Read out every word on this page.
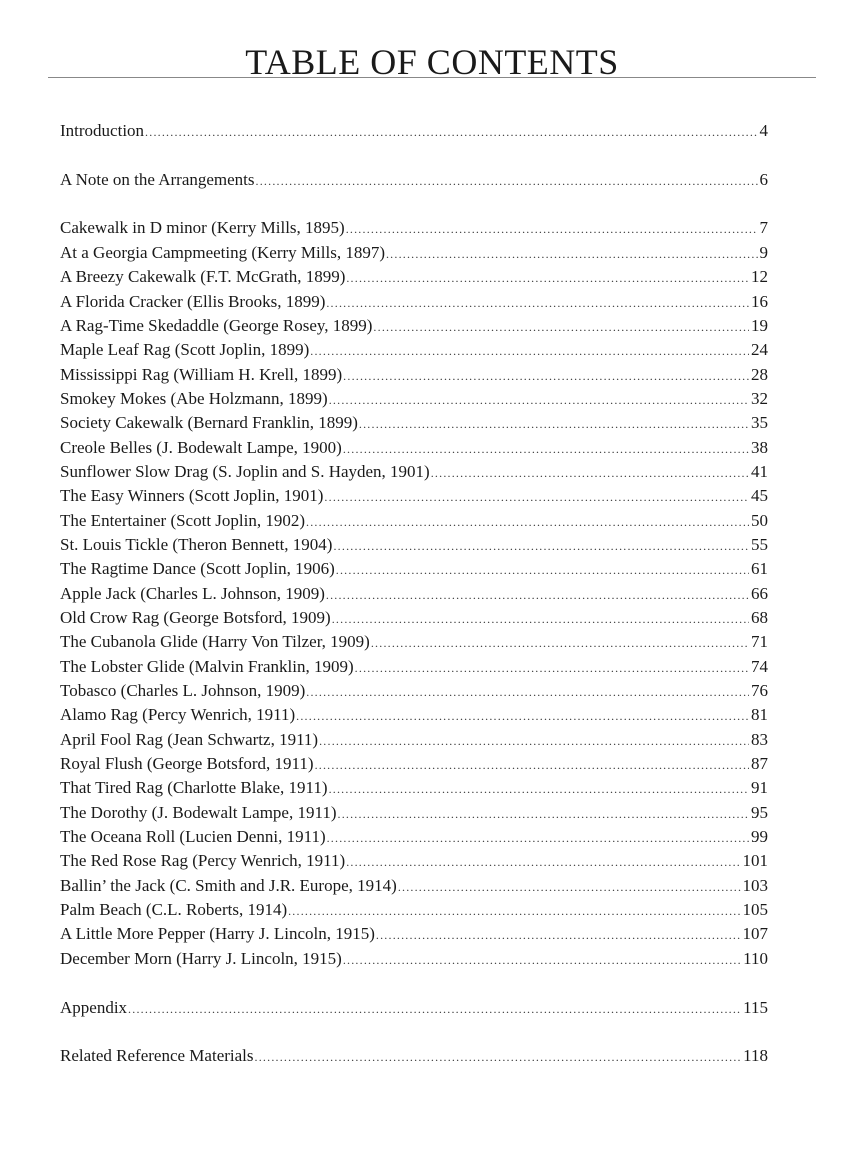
TABLE OF CONTENTS
Introduction .....	4
A Note on the Arrangements .....	6
Cakewalk in D minor (Kerry Mills, 1895) .....	7
At a Georgia Campmeeting (Kerry Mills, 1897) .....	9
A Breezy Cakewalk (F.T. McGrath, 1899) .....	12
A Florida Cracker (Ellis Brooks, 1899) .....	16
A Rag-Time Skedaddle (George Rosey, 1899) .....	19
Maple Leaf Rag (Scott Joplin, 1899) .....	24
Mississippi Rag (William H. Krell, 1899) .....	28
Smokey Mokes (Abe Holzmann, 1899) .....	32
Society Cakewalk (Bernard Franklin, 1899) .....	35
Creole Belles (J. Bodewalt Lampe, 1900) .....	38
Sunflower Slow Drag (S. Joplin and S. Hayden, 1901) .....	41
The Easy Winners (Scott Joplin, 1901) .....	45
The Entertainer (Scott Joplin, 1902) .....	50
St. Louis Tickle (Theron Bennett, 1904) .....	55
The Ragtime Dance (Scott Joplin, 1906) .....	61
Apple Jack (Charles L. Johnson, 1909) .....	66
Old Crow Rag (George Botsford, 1909) .....	68
The Cubanola Glide (Harry Von Tilzer, 1909) .....	71
The Lobster Glide (Malvin Franklin, 1909) .....	74
Tobasco (Charles L. Johnson, 1909) .....	76
Alamo Rag (Percy Wenrich, 1911) .....	81
April Fool Rag (Jean Schwartz, 1911) .....	83
Royal Flush (George Botsford, 1911) .....	87
That Tired Rag (Charlotte Blake, 1911) .....	91
The Dorothy (J. Bodewalt Lampe, 1911) .....	95
The Oceana Roll (Lucien Denni, 1911) .....	99
The Red Rose Rag (Percy Wenrich, 1911) .....	101
Ballin’ the Jack (C. Smith and J.R. Europe, 1914) .....	103
Palm Beach (C.L. Roberts, 1914) .....	105
A Little More Pepper (Harry J. Lincoln, 1915) .....	107
December Morn (Harry J. Lincoln, 1915) .....	110
Appendix .....	115
Related Reference Materials .....	118
